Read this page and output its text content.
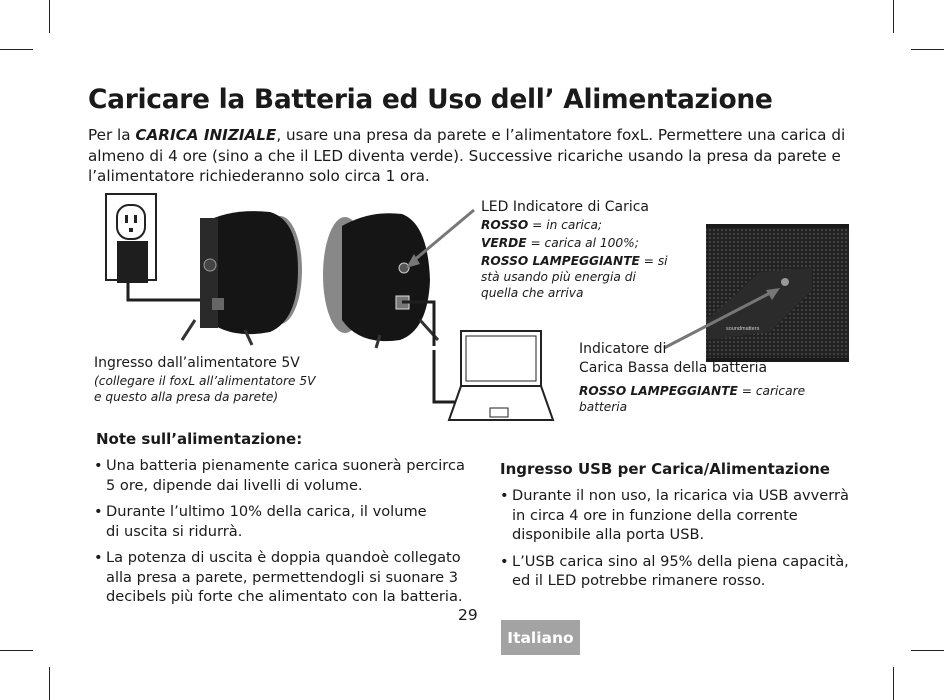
Caricare la Batteria ed Uso dell’ Alimentazione

Per la CARICA INIZIALE, usare una presa da parete e l’alimentatore foxL. Permettere una carica di almeno di 4 ore (sino a che il LED diventa verde). Successive ricariche usando la presa da parete e l’alimentatore richiederanno solo circa 1 ora.

soundmatters
LED Indicatore di Carica
ROSSO = in carica;
VERDE = carica al 100%;
ROSSO LAMPEGGIANTE = si stà usando più energia di quella che arriva
Ingresso dall’alimentatore 5V
(collegare il foxL all’alimentatore 5V e questo alla presa da parete)
Indicatore di
Carica Bassa della batteria
ROSSO LAMPEGGIANTE = caricare batteria
Note sull’alimentazione:
• Una batteria pienamente carica suonerà percirca 5 ore, dipende dai livelli di volume.
• Durante l’ultimo 10% della carica, il volume di uscita si ridurrà.
• La potenza di uscita è doppia quandoè collegato alla presa a parete, permettendogli si suonare 3 decibels più forte che alimentato con la batteria.
Ingresso USB per Carica/Alimentazione
• Durante il non uso, la ricarica via USB avverrà in circa 4 ore in funzione della corrente disponibile alla porta USB.
• L’USB carica sino al 95% della piena capacità, ed il LED potrebbe rimanere rosso.
29
Italiano
